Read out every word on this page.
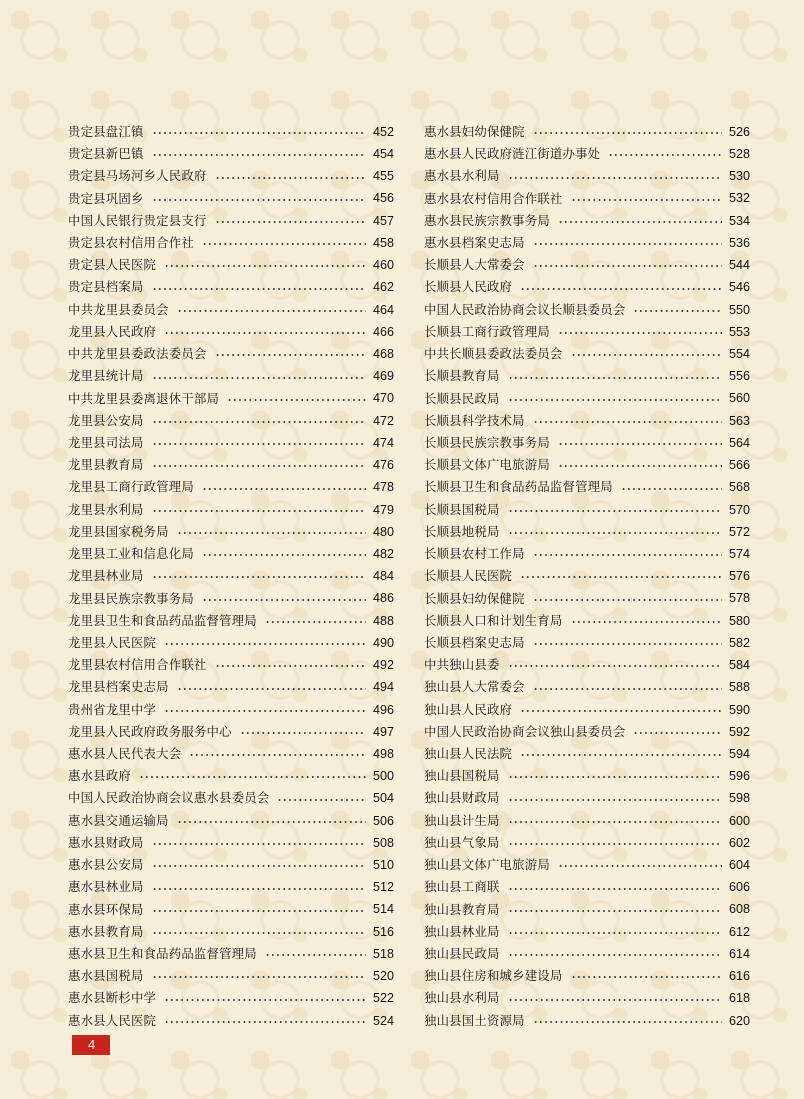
贵定县盘江镇	452
贵定县新巴镇	454
贵定县马场河乡人民政府	455
贵定县巩固乡	456
中国人民银行贵定县支行	457
贵定县农村信用合作社	458
贵定县人民医院	460
贵定县档案局	462
中共龙里县委员会	464
龙里县人民政府	466
中共龙里县委政法委员会	468
龙里县统计局	469
中共龙里县委离退休干部局	470
龙里县公安局	472
龙里县司法局	474
龙里县教育局	476
龙里县工商行政管理局	478
龙里县水利局	479
龙里县国家税务局	480
龙里县工业和信息化局	482
龙里县林业局	484
龙里县民族宗教事务局	486
龙里县卫生和食品药品监督管理局	488
龙里县人民医院	490
龙里县农村信用合作联社	492
龙里县档案史志局	494
贵州省龙里中学	496
龙里县人民政府政务服务中心	497
惠水县人民代表大会	498
惠水县政府	500
中国人民政治协商会议惠水县委员会	504
惠水县交通运输局	506
惠水县财政局	508
惠水县公安局	510
惠水县林业局	512
惠水县环保局	514
惠水县教育局	516
惠水县卫生和食品药品监督管理局	518
惠水县国税局	520
惠水县断杉中学	522
惠水县人民医院	524
惠水县妇幼保健院	526
惠水县人民政府涟江街道办事处	528
惠水县水利局	530
惠水县农村信用合作联社	532
惠水县民族宗教事务局	534
惠水县档案史志局	536
长顺县人大常委会	544
长顺县人民政府	546
中国人民政治协商会议长顺县委员会	550
长顺县工商行政管理局	553
中共长顺县委政法委员会	554
长顺县教育局	556
长顺县民政局	560
长顺县科学技术局	563
长顺县民族宗教事务局	564
长顺县文体广电旅游局	566
长顺县卫生和食品药品监督管理局	568
长顺县国税局	570
长顺县地税局	572
长顺县农村工作局	574
长顺县人民医院	576
长顺县妇幼保健院	578
长顺县人口和计划生育局	580
长顺县档案史志局	582
中共独山县委	584
独山县人大常委会	588
独山县人民政府	590
中国人民政治协商会议独山县委员会	592
独山县人民法院	594
独山县国税局	596
独山县财政局	598
独山县计生局	600
独山县气象局	602
独山县文体广电旅游局	604
独山县工商联	606
独山县教育局	608
独山县林业局	612
独山县民政局	614
独山县住房和城乡建设局	616
独山县水利局	618
独山县国土资源局	620
4
